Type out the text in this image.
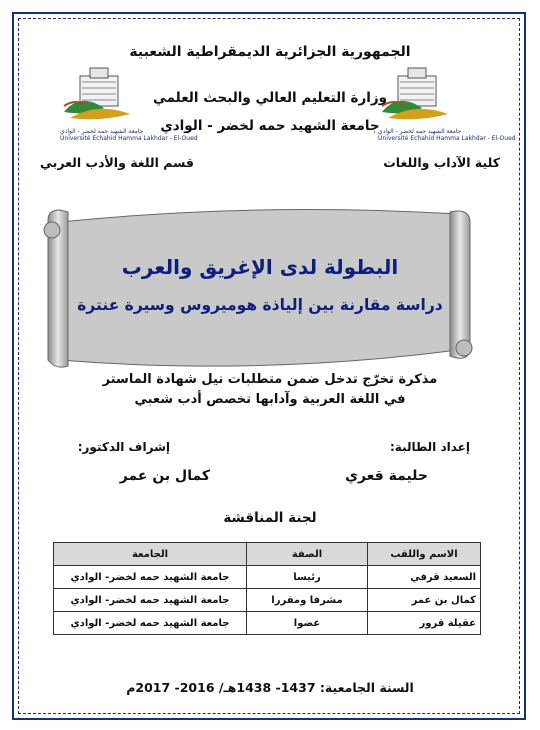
الجمهورية الجزائرية الديمقراطية الشعبية
وزارة التعليم العالي والبحث العلمي
جامعة الشهيد حمه لخضر - الوادي
جامعة الشهيد حمه لخضر - الوادي
Université Echahid Hamma Lakhdar - El-Oued
جامعة الشهيد حمه لخضر - الوادي
Université Echahid Hamma Lakhdar - El-Oued
كلية الآداب واللغات
قسم اللغة والأدب العربي
البطولة لدى الإغريق والعرب
دراسة مقارنة بين إلياذة هوميروس وسيرة عنترة
مذكرة تخرّج تدخل ضمن متطلبات نيل شهادة الماستر
في اللغة العربية وآدابها تخصص أدب شعبي
إعداد الطالبة:
حليمة قعري
إشراف الدكتور:
كمال بن عمر
لجنة المناقشة
الاسم واللقب	الصفة	الجامعة
السعيد قرفي	رئيسا	جامعة الشهيد حمه لخضر- الوادي
كمال بن عمر	مشرفا ومقررا	جامعة الشهيد حمه لخضر- الوادي
عقيلة قرور	عضوا	جامعة الشهيد حمه لخضر- الوادي
السنة الجامعية: 1437- 1438هـ/ 2016- 2017م
